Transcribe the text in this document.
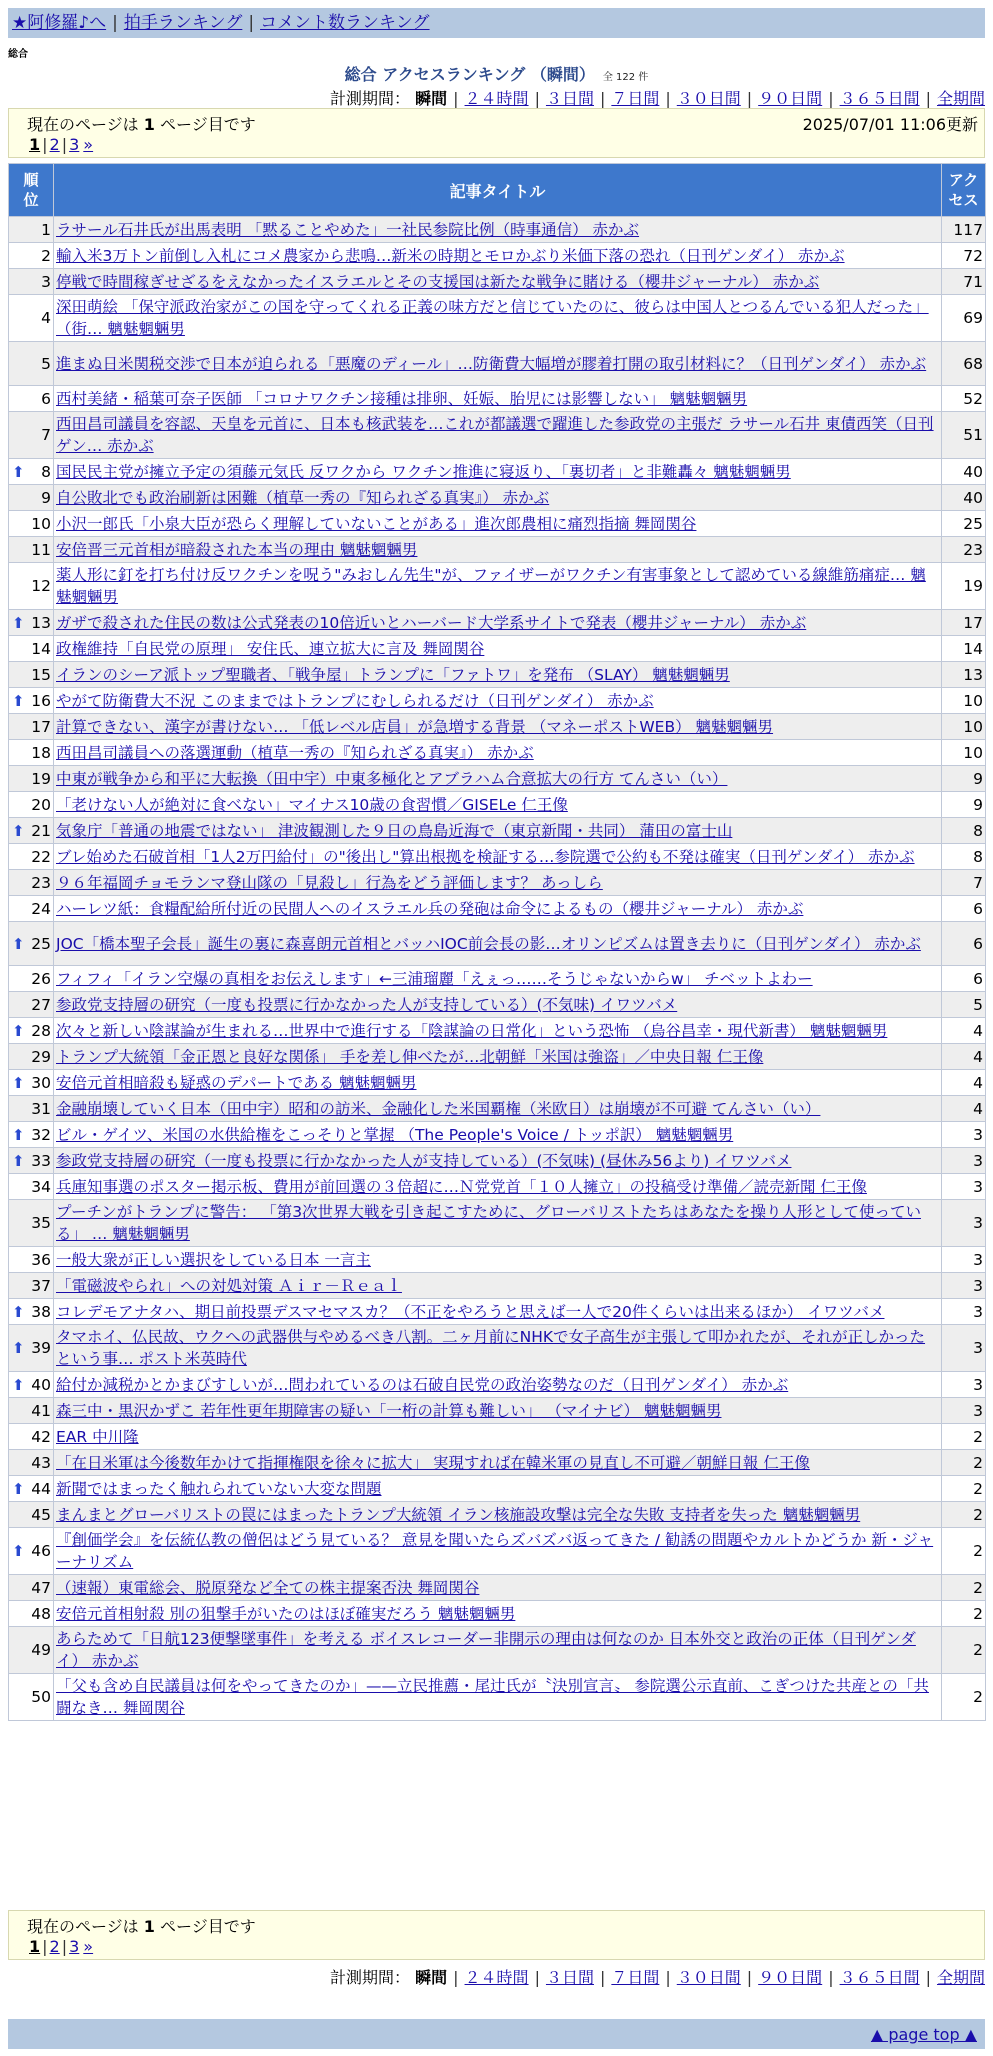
★阿修羅♪へ | 拍手ランキング | コメント数ランキング
総合
総合 アクセスランキング （瞬間） 全 122 件
計測期間： 瞬間 | ２４時間 | ３日間 | ７日間 | ３０日間 | ９０日間 | ３６５日間 | 全期間
現在のページは 1 ページ目です	2025/07/01 11:06更新
1 | 2 | 3 »
順位	記事タイトル	アクセス
1	ラサール石井氏が出馬表明 「黙ることやめた」一社民参院比例（時事通信） 赤かぶ	117
2	輸入米3万トン前倒し入札にコメ農家から悲鳴…新米の時期とモロかぶり米価下落の恐れ（日刊ゲンダイ） 赤かぶ	72
3	停戦で時間稼ぎせざるをえなかったイスラエルとその支援国は新たな戦争に賭ける（櫻井ジャーナル） 赤かぶ	71
4	深田萌絵 「保守派政治家がこの国を守ってくれる正義の味方だと信じていたのに、彼らは中国人とつるんでいる犯人だった」（街… 魑魅魍魎男	69
5	進まぬ日米関税交渉で日本が迫られる「悪魔のディール」…防衛費大幅増が膠着打開の取引材料に？（日刊ゲンダイ） 赤かぶ	68
6	西村美緒・稲葉可奈子医師 「コロナワクチン接種は排卵、妊娠、胎児には影響しない」 魑魅魍魎男	52
7	西田昌司議員を容認、天皇を元首に、日本も核武装を…これが都議選で躍進した参政党の主張だ ラサール石井 東債西笑（日刊ゲン… 赤かぶ	51

⬆ 8	国民民主党が擁立予定の須藤元気氏 反ワクから ワクチン推進に寝返り、「裏切者」と非難轟々 魑魅魍魎男	40
9	自公敗北でも政治刷新は困難（植草一秀の『知られざる真実』） 赤かぶ	40
10	小沢一郎氏「小泉大臣が恐らく理解していないことがある」進次郎農相に痛烈指摘 舞岡関谷	25
11	安倍晋三元首相が暗殺された本当の理由 魑魅魍魎男	23
12	薬人形に釘を打ち付け反ワクチンを呪う"みおしん先生"が、ファイザーがワクチン有害事象として認めている線維筋痛症… 魑魅魍魎男	19

⬆ 13	ガザで殺された住民の数は公式発表の10倍近いとハーバード大学系サイトで発表（櫻井ジャーナル） 赤かぶ	17
14	政権維持「自民党の原理」 安住氏、連立拡大に言及 舞岡関谷	14
15	イランのシーア派トップ聖職者、「戦争屋」トランプに「ファトワ」を発布 （SLAY） 魑魅魍魎男	13

⬆ 16	やがて防衛費大不況 このままではトランプにむしられるだけ（日刊ゲンダイ） 赤かぶ	10
17	計算できない、漢字が書けない… 「低レベル店員」が急増する背景 （マネーポストWEB） 魑魅魍魎男	10
18	西田昌司議員への落選運動（植草一秀の『知られざる真実』） 赤かぶ	10
19	中東が戦争から和平に大転換（田中宇）中東多極化とアブラハム合意拡大の行方 てんさい（い）	9
20	「老けない人が絶対に食べない」マイナス10歳の食習慣／GISELe 仁王像	9

⬆ 21	気象庁「普通の地震ではない」 津波観測した９日の鳥島近海で（東京新聞・共同） 蒲田の富士山	8
22	ブレ始めた石破首相「1人2万円給付」の"後出し"算出根拠を検証する…参院選で公約も不発は確実（日刊ゲンダイ） 赤かぶ	8
23	９６年福岡チョモランマ登山隊の「見殺し」行為をどう評価します？ あっしら	7
24	ハーレツ紙：食糧配給所付近の民間人へのイスラエル兵の発砲は命令によるもの（櫻井ジャーナル） 赤かぶ	6

⬆ 25	JOC「橋本聖子会長」誕生の裏に森喜朗元首相とバッハIOC前会長の影…オリンピズムは置き去りに（日刊ゲンダイ） 赤かぶ	6
26	フィフィ「イラン空爆の真相をお伝えします」←三浦瑠麗「えぇっ……そうじゃないからw」 チベットよわー	6
27	参政党支持層の研究（一度も投票に行かなかった人が支持している）(不気味) イワツバメ	5

⬆ 28	次々と新しい陰謀論が生まれる…世界中で進行する「陰謀論の日常化」という恐怖 （烏谷昌幸・現代新書） 魑魅魍魎男	4
29	トランプ大統領「金正恩と良好な関係」 手を差し伸べたが…北朝鮮「米国は強盗」／中央日報 仁王像	4

⬆ 30	安倍元首相暗殺も疑惑のデパートである 魑魅魍魎男	4
31	金融崩壊していく日本（田中宇）昭和の訪米、金融化した米国覇権（米欧日）は崩壊が不可避 てんさい（い）	4

⬆ 32	ビル・ゲイツ、米国の水供給権をこっそりと掌握 （The People's Voice / トッポ訳） 魑魅魍魎男	3

⬆ 33	参政党支持層の研究（一度も投票に行かなかった人が支持している）(不気味) (昼休み56より) イワツバメ	3
34	兵庫知事選のポスター掲示板、費用が前回選の３倍超に…Ｎ党党首「１０人擁立」の投稿受け準備／読売新聞 仁王像	3
35	プーチンがトランプに警告： 「第3次世界大戦を引き起こすために、グローバリストたちはあなたを操り人形として使っている」 … 魑魅魍魎男	3
36	一般大衆が正しい選択をしている日本 一言主	3
37	「電磁波やられ」への対処対策 Ａｉｒ－Ｒｅａｌ	3

⬆ 38	コレデモアナタハ、期日前投票デスマセマスカ？（不正をやろうと思えば一人で20件くらいは出来るほか） イワツバメ	3

⬆ 39	タマホイ、仏民故、ウクへの武器供与やめるべき八割。二ヶ月前にNHKで女子高生が主張して叩かれたが、それが正しかったという事… ポスト米英時代	3

⬆ 40	給付か減税かとかまびすしいが…問われているのは石破自民党の政治姿勢なのだ（日刊ゲンダイ） 赤かぶ	3
41	森三中・黒沢かずこ 若年性更年期障害の疑い「一桁の計算も難しい」 （マイナビ） 魑魅魍魎男	3
42	EAR 中川隆	2
43	「在日米軍は今後数年かけて指揮権限を徐々に拡大」 実現すれば在韓米軍の見直し不可避／朝鮮日報 仁王像	2

⬆ 44	新聞ではまったく触れられていない大変な問題	2
45	まんまとグローバリストの罠にはまったトランプ大統領 イラン核施設攻撃は完全な失敗 支持者を失った 魑魅魍魎男	2

⬆ 46	『創価学会』を伝統仏教の僧侶はどう見ている？ 意見を聞いたらズバズバ返ってきた / 勧誘の問題やカルトかどうか 新・ジャーナリズム	2
47	（速報）東電総会、脱原発など全ての株主提案否決 舞岡関谷	2
48	安倍元首相射殺 別の狙撃手がいたのはほぼ確実だろう 魑魅魍魎男	2
49	あらためて「日航123便撃墜事件」を考える ボイスレコーダー非開示の理由は何なのか 日本外交と政治の正体（日刊ゲンダイ） 赤かぶ	2
50	「父も含め自民議員は何をやってきたのか」——立民推薦・尾辻氏が〝決別宣言〟 参院選公示直前、こぎつけた共産との「共闘なき… 舞岡関谷	2
現在のページは 1 ページ目です
1 | 2 | 3 »
計測期間： 瞬間 | ２４時間 | ３日間 | ７日間 | ３０日間 | ９０日間 | ３６５日間 | 全期間
▲ page top ▲
